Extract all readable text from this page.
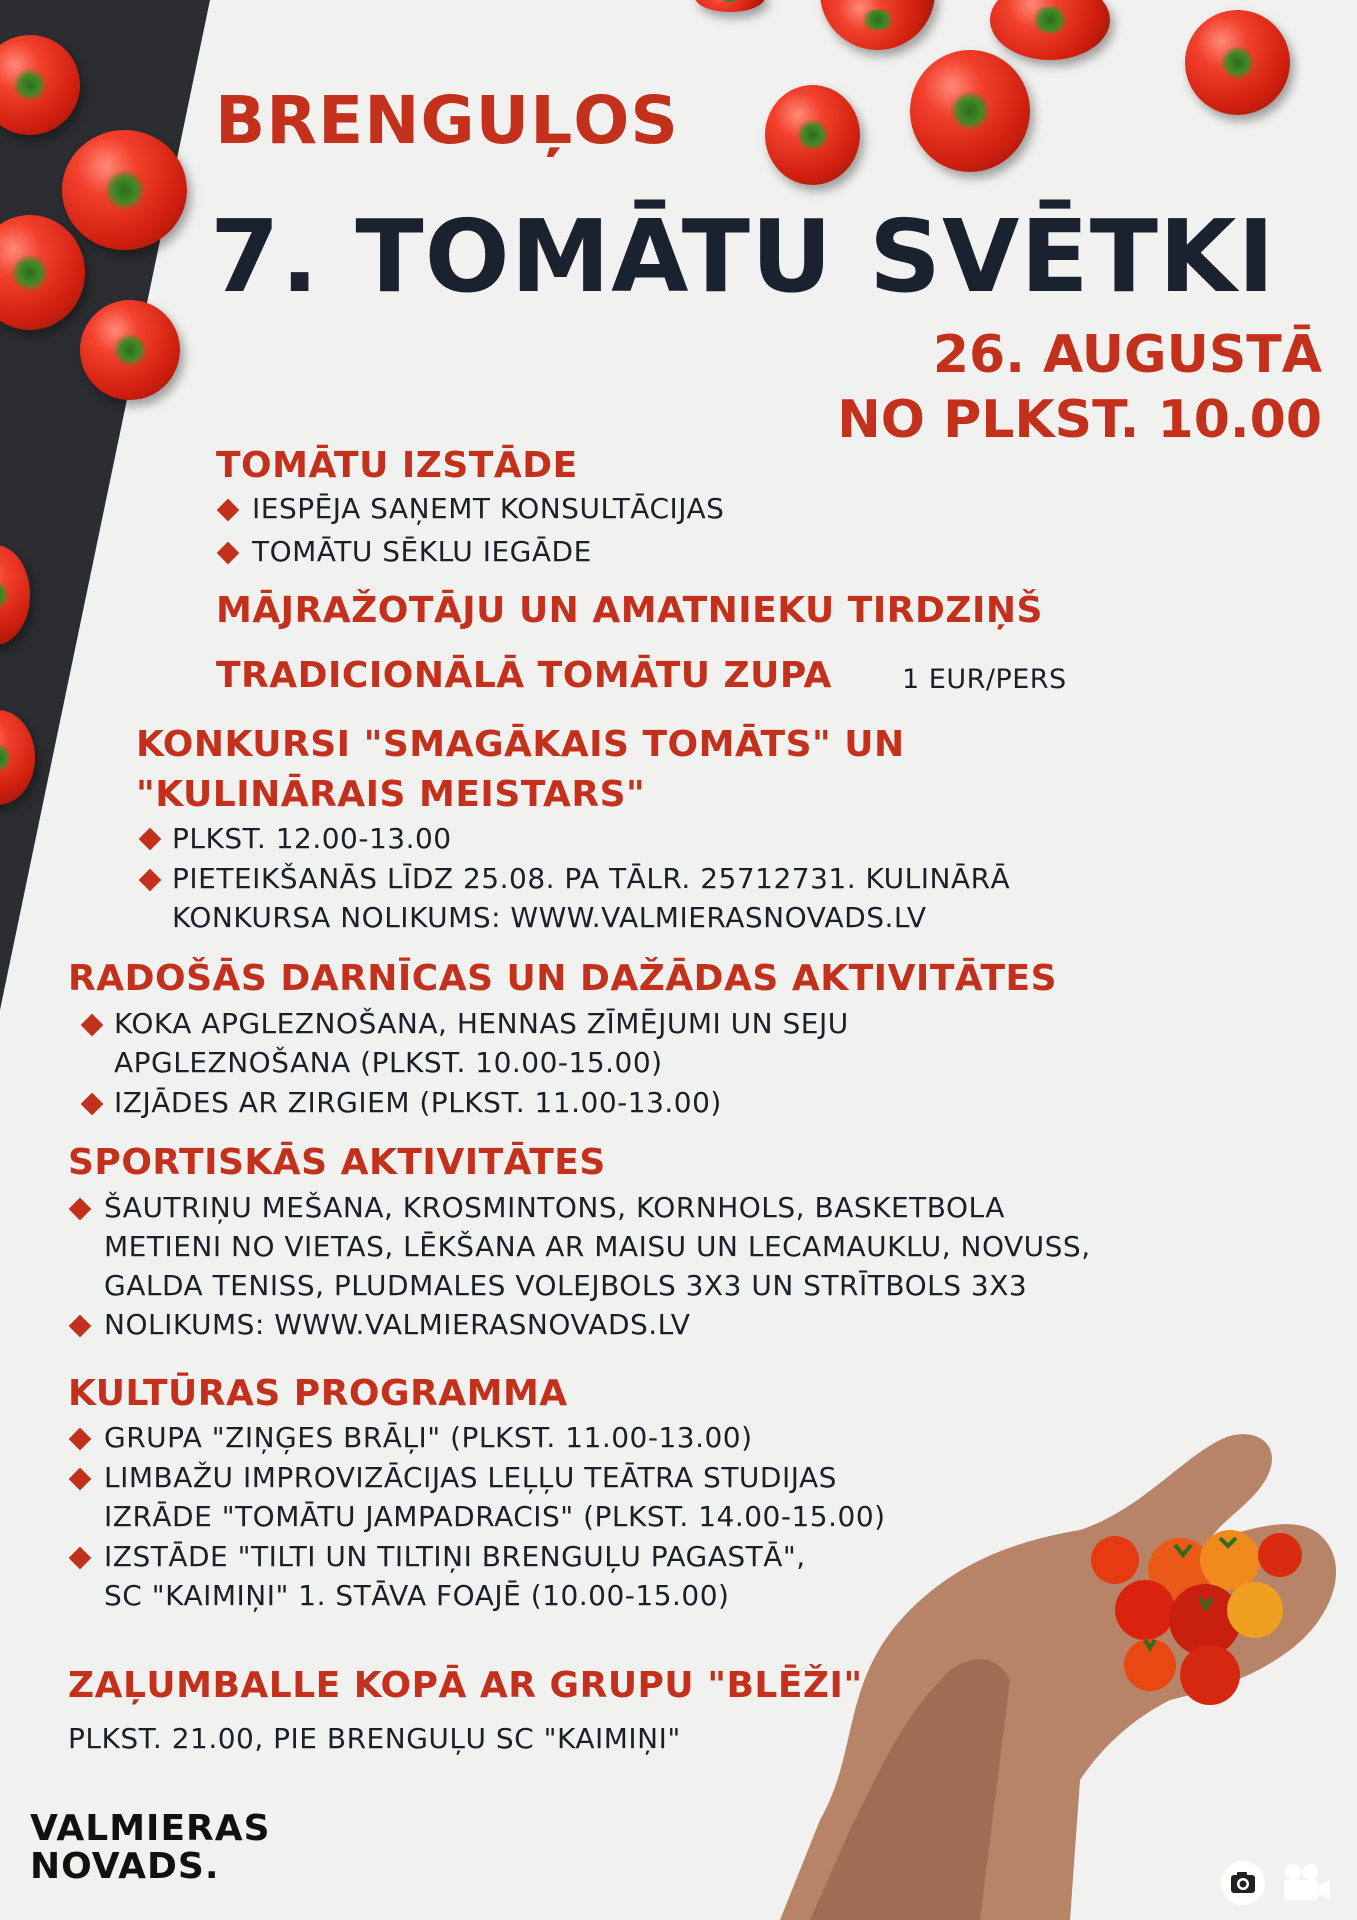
BRENGUĻOS
7. TOMĀTU SVĒTKI
26. AUGUSTĀ
NO PLKST. 10.00
TOMĀTU IZSTĀDE
IESPĒJA SAŅEMT KONSULTĀCIJAS
TOMĀTU SĒKLU IEGĀDE
MĀJRAŽOTĀJU UN AMATNIEKU TIRDZIŅŠ
TRADICIONĀLĀ TOMĀTU ZUPA	1 EUR/PERS
KONKURSI "SMAGĀKAIS TOMĀTS" UN
"KULINĀRAIS MEISTARS"
PLKST. 12.00-13.00
PIETEIKŠANĀS LĪDZ 25.08. PA TĀLR. 25712731. KULINĀRĀ
KONKURSA NOLIKUMS: WWW.VALMIERASNOVADS.LV
RADOŠĀS DARNĪCAS UN DAŽĀDAS AKTIVITĀTES
KOKA APGLEZNOŠANA, HENNAS ZĪMĒJUMI UN SEJU
APGLEZNOŠANA (PLKST. 10.00-15.00)
IZJĀDES AR ZIRGIEM (PLKST. 11.00-13.00)
SPORTISKĀS AKTIVITĀTES
ŠAUTRIŅU MEŠANA, KROSMINTONS, KORNHOLS, BASKETBOLA
METIENI NO VIETAS, LĒKŠANA AR MAISU UN LECAMAUKLU, NOVUSS,
GALDA TENISS, PLUDMALES VOLEJBOLS 3X3 UN STRĪTBOLS 3X3
NOLIKUMS: WWW.VALMIERASNOVADS.LV
KULTŪRAS PROGRAMMA
GRUPA "ZIŅĢES BRĀĻI" (PLKST. 11.00-13.00)
LIMBAŽU IMPROVIZĀCIJAS LEĻĻU TEĀTRA STUDIJAS
IZRĀDE "TOMĀTU JAMPADRACIS" (PLKST. 14.00-15.00)
IZSTĀDE "TILTI UN TILTIŅI BRENGUĻU PAGASTĀ",
SC "KAIMIŅI" 1. STĀVA FOAJĒ (10.00-15.00)
ZAĻUMBALLE KOPĀ AR GRUPU "BLĒŽI"
PLKST. 21.00, PIE BRENGUĻU SC "KAIMIŅI"
VALMIERAS
NOVADS.
